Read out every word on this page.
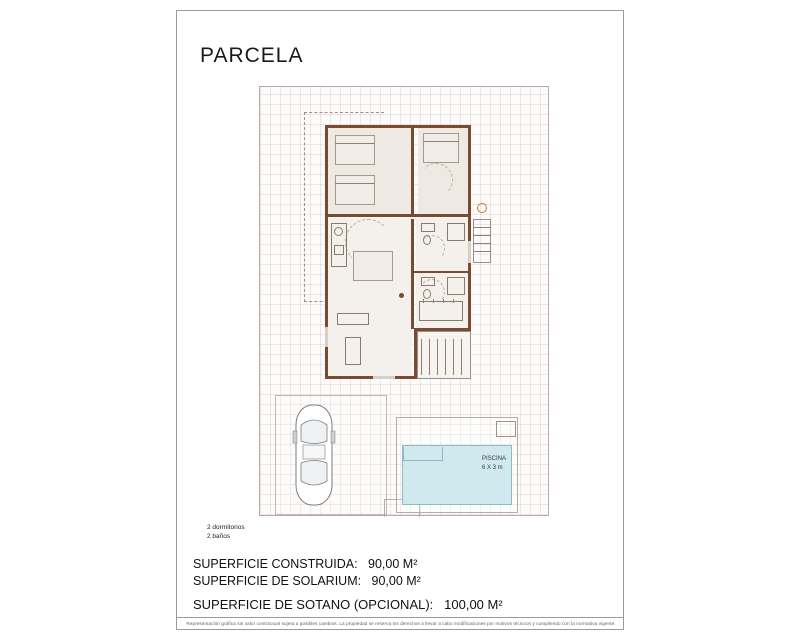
PARCELA
PISCINA
6 X 3 m
2 dormitorios
2 baños
SUPERFICIE CONSTRUIDA: 90,00 M²
SUPERFICIE DE SOLARIUM: 90,00 M²
SUPERFICIE DE SOTANO (OPCIONAL): 100,00 M²
Representación gráfica sin valor contractual sujeta a posibles cambios. La propiedad se reserva los derechos a llevar a cabo modificaciones por motivos técnicos y cumpliendo con la normativa vigente.
